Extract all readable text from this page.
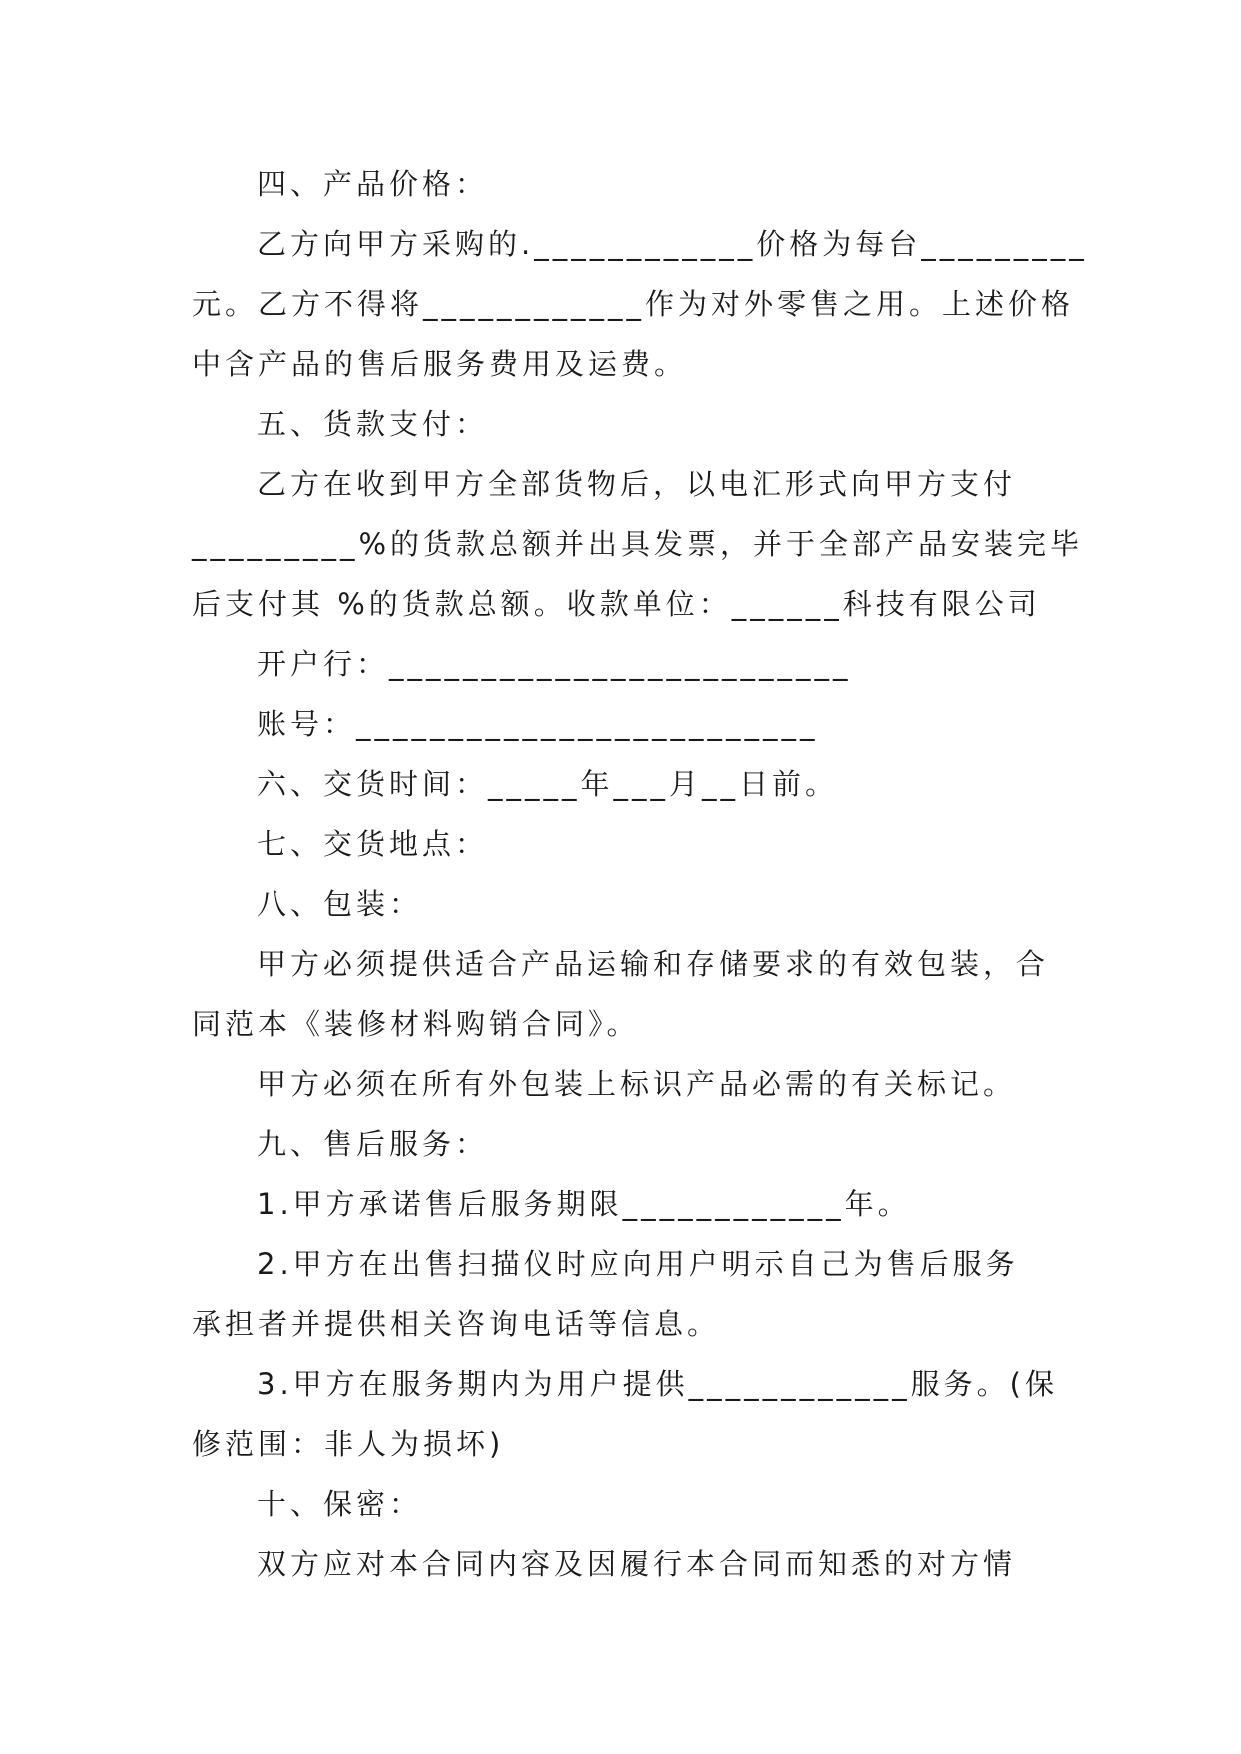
四、产品价格：
乙方向甲方采购的.____________价格为每台_________
元。乙方不得将____________作为对外零售之用。上述价格
中含产品的售后服务费用及运费。
五、货款支付：
乙方在收到甲方全部货物后，以电汇形式向甲方支付
_________%的货款总额并出具发票，并于全部产品安装完毕
后支付其 %的货款总额。收款单位：______科技有限公司
开户行：_________________________
账号：_________________________
六、交货时间：_____年___月__日前。
七、交货地点：
八、包装：
甲方必须提供适合产品运输和存储要求的有效包装，合
同范本《装修材料购销合同》。
甲方必须在所有外包装上标识产品必需的有关标记。
九、售后服务：
1.甲方承诺售后服务期限____________年。
2.甲方在出售扫描仪时应向用户明示自己为售后服务
承担者并提供相关咨询电话等信息。
3.甲方在服务期内为用户提供____________服务。(保
修范围：非人为损坏)
十、保密：
双方应对本合同内容及因履行本合同而知悉的对方情
